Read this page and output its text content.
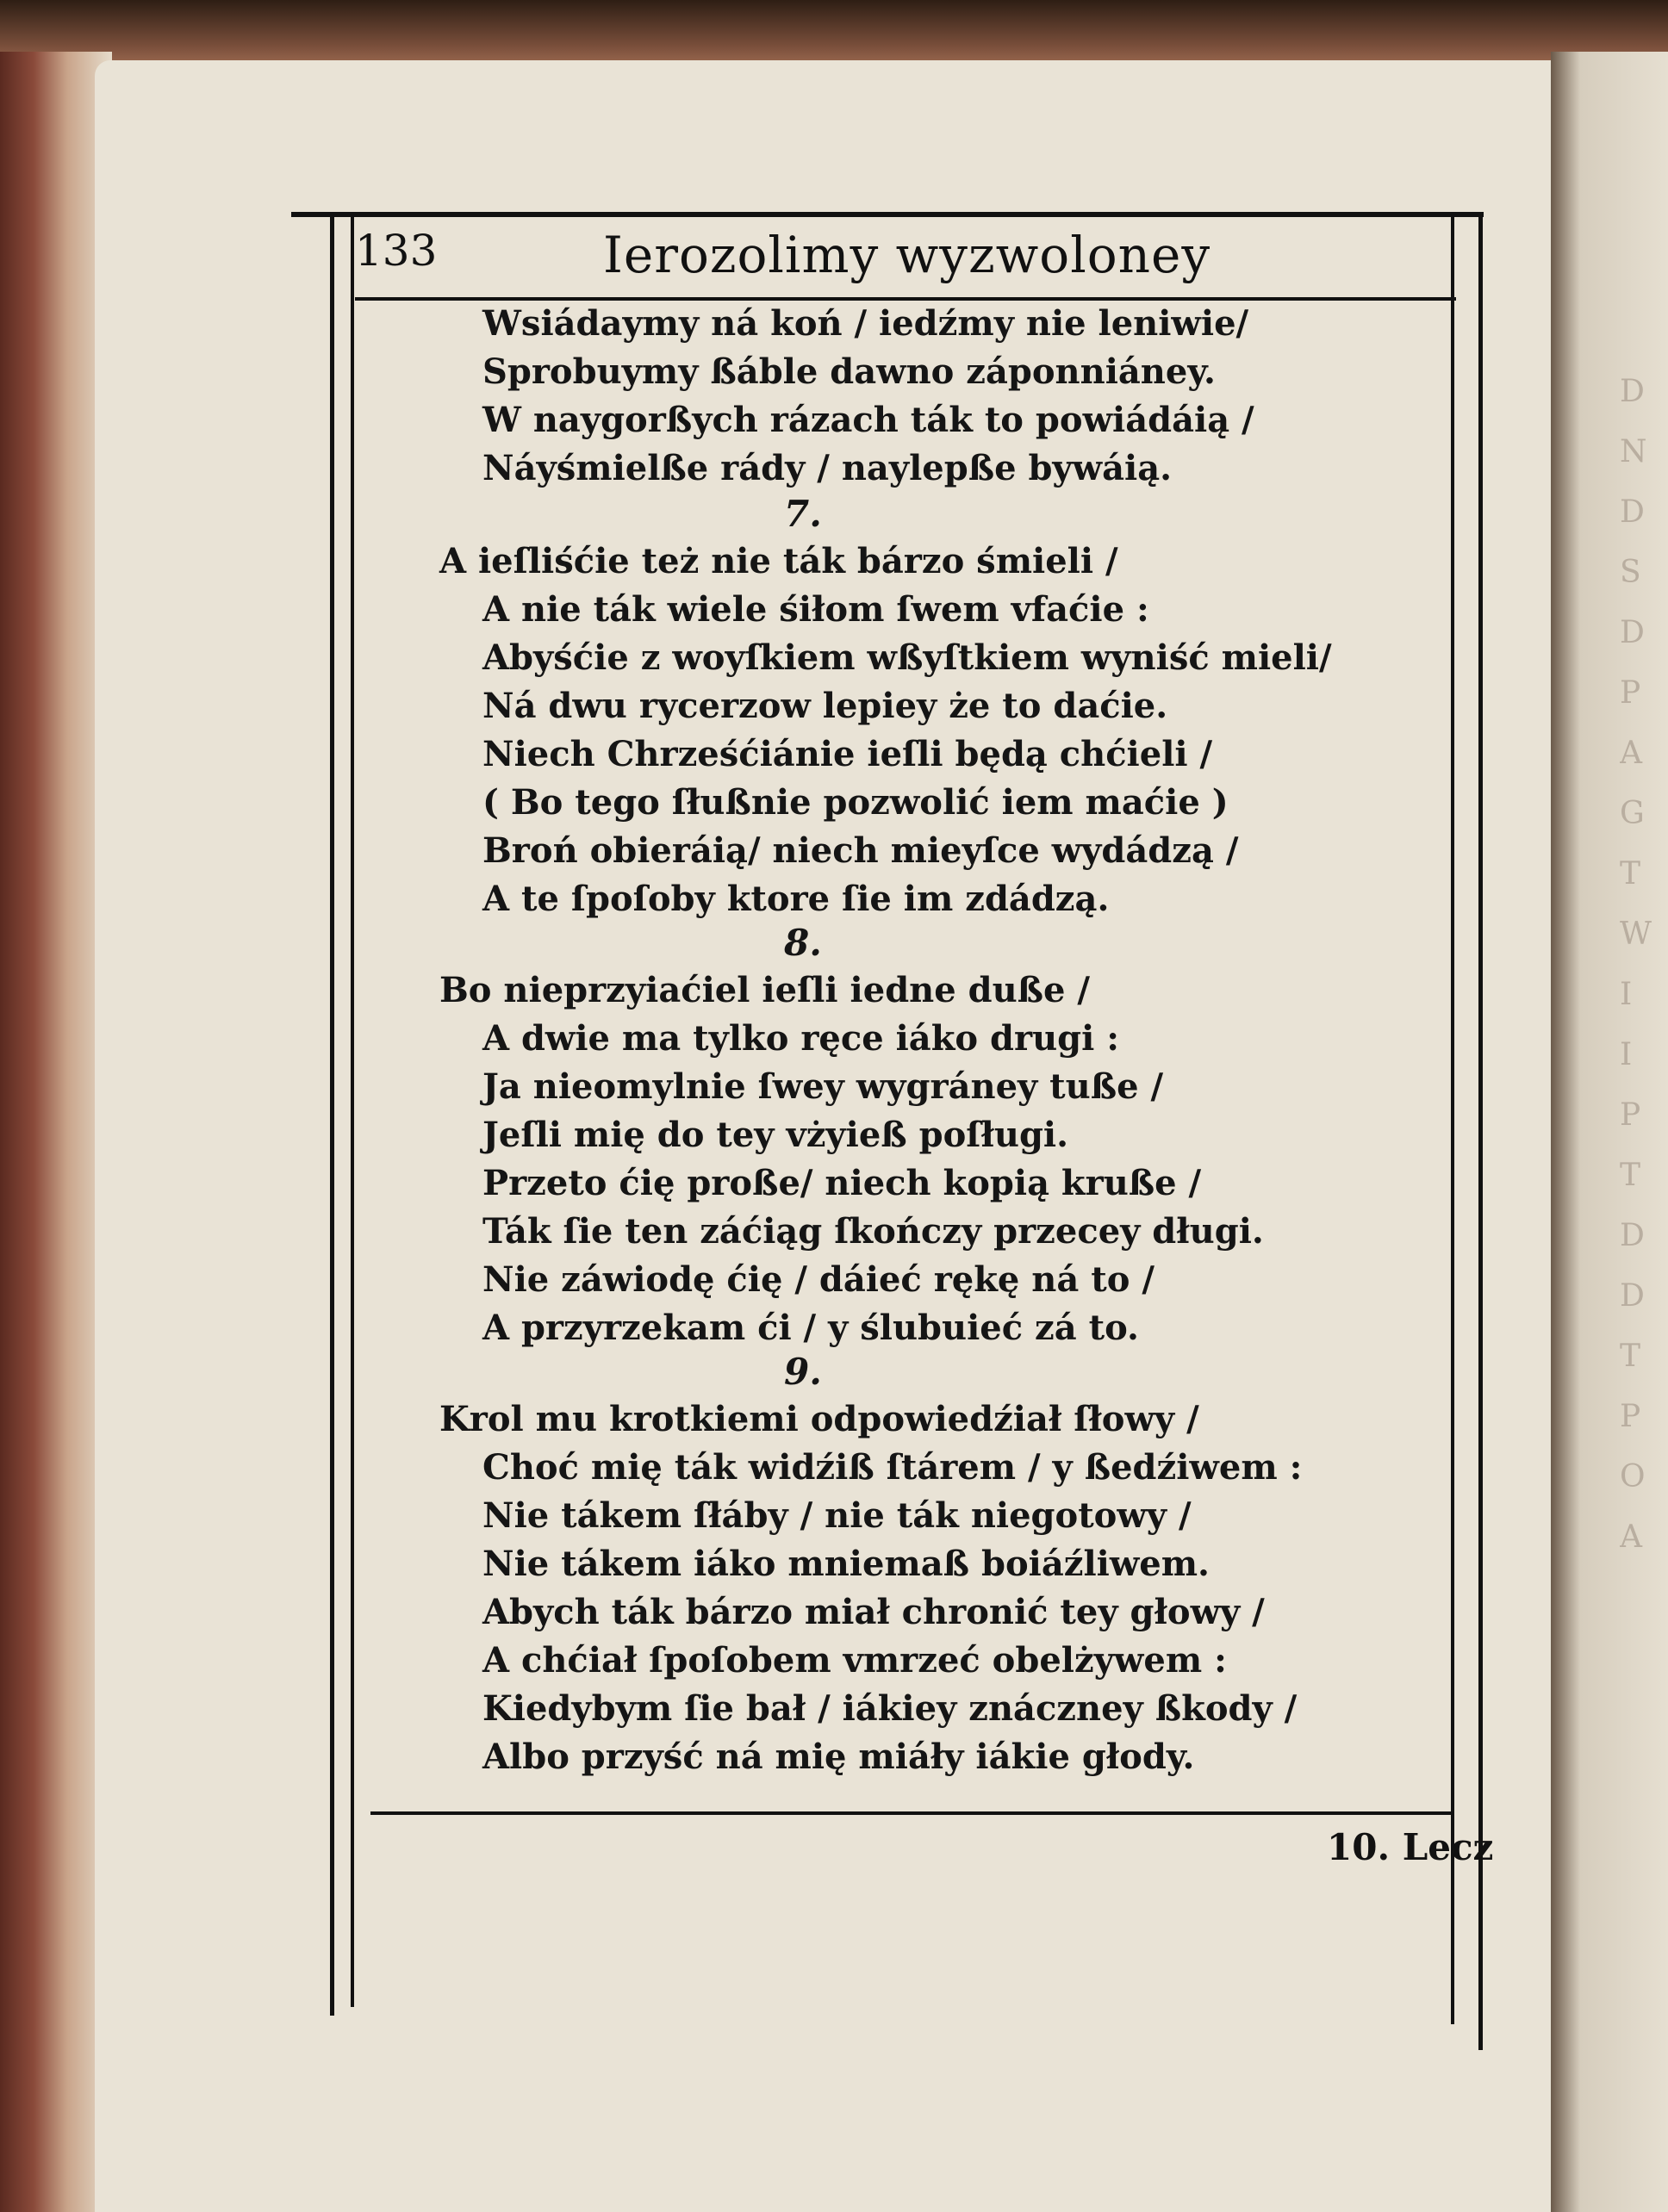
133	Ierozolimy wyzwoloney
Wsiádaymy ná koń / iedźmy nie leniwie/
Sprobuymy ßáble dawno záponniáney.
W naygorßych rázach ták to powiádáią /
Náyśmielße rády / naylepße bywáią.
7.
A ieſliśćie też nie ták bárzo śmieli /
A nie ták wiele śiłom ſwem vfaćie :
Abyśćie z woyſkiem wßyſtkiem wyniść mieli/
Ná dwu rycerzow lepiey że to daćie.
Niech Chrześćiánie ieſli będą chćieli /
( Bo tego ſłußnie pozwolić iem maćie )
Broń obieráią/ niech mieyſce wydádzą /
A te ſpoſoby ktore ſie im zdádzą.
8.
Bo nieprzyiaćiel ieſli iedne duße /
A dwie ma tylko ręce iáko drugi :
Ja nieomylnie ſwey wygráney tuße /
Jeſli mię do tey vżyieß poſługi.
Przeto ćię proße/ niech kopią kruße /
Ták ſie ten záćiąg ſkończy przecey długi.
Nie záwiodę ćię / dáieć rękę ná to /
A przyrzekam ći / y ślubuieć zá to.
9.
Krol mu krotkiemi odpowiedźiał ſłowy /
Choć mię ták widźiß ſtárem / y ßedźiwem :
Nie tákem ſłáby / nie ták niegotowy /
Nie tákem iáko mniemaß boiáźliwem.
Abych ták bárzo miał chronić tey głowy /
A chćiał ſpoſobem vmrzeć obelżywem :
Kiedybym ſie bał / iákiey znáczney ßkody /
Albo przyść ná mię miáły iákie głody.
10. Lecz
D
N
D
S
D
P
A
G
T
W
I
I
P
T
D
D
T
P
O
A
